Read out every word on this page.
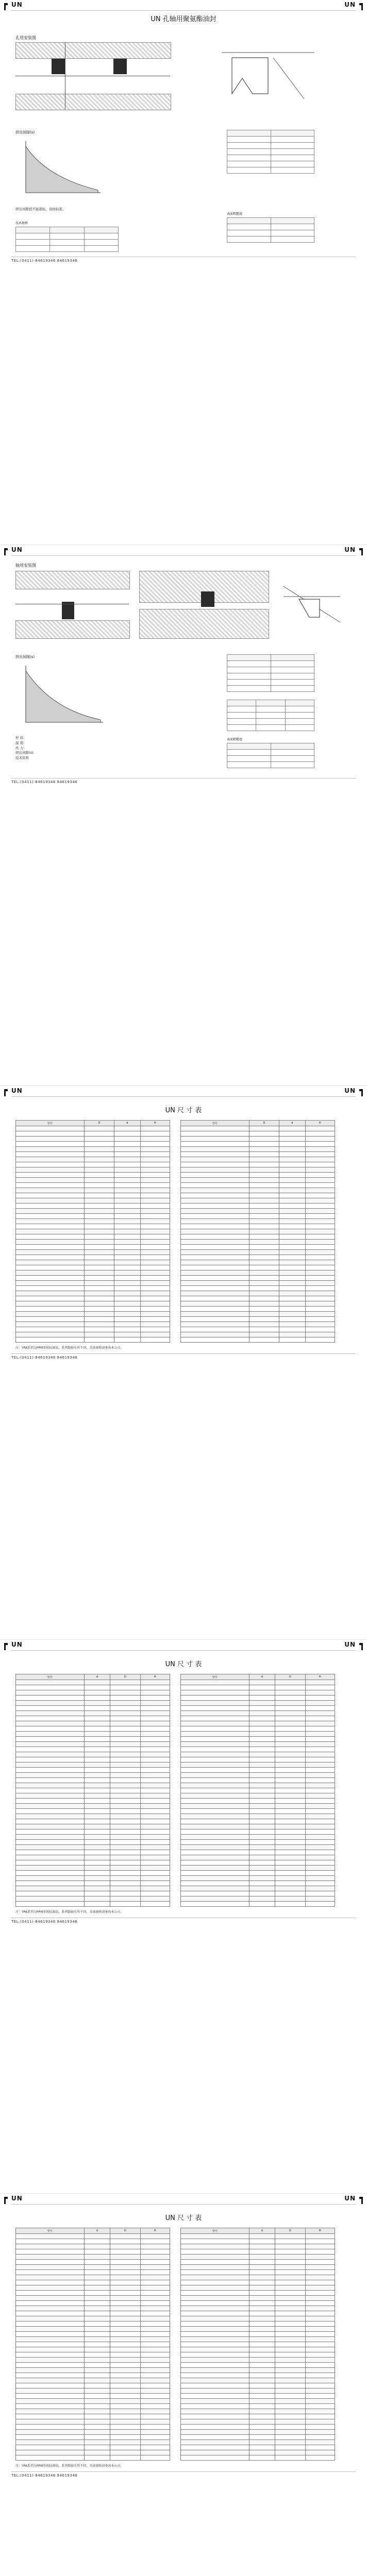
UN	UN
UN 孔轴用聚氨酯油封
孔用安装图
挤出间隙(s)
挤出间隙值不能超标，请按标准。
技术规格

表面粗糙度

TEL:(0411)-84619346 84619346
UN	UN
轴用安装图
挤出间隙(s)
材 质：
温 度：
压 力：
挤出间隙(s)：
技术资料

表面粗糙度

TEL:(0411)-84619346 84619346
UN	UN
UN 尺 寸 表
型号	D	d	H

				型号	D	d	H

注：YPA系列为PPM参照标准值，系列数据有所不同，具体规格请垂询本公司。
TEL:(0411)-84619346 84619346
UN	UN
UN 尺 寸 表
型号	d	D	H

				型号	d	D	H

注：YPA系列为PPM参照标准值，系列数据有所不同，具体规格请垂询本公司。
TEL:(0411)-84619346 84619346
UN	UN
UN 尺 寸 表
型号	d	D	H

				型号	d	D	H

注：YPA系列为PPM参照标准值，系列数据有所不同，具体规格请垂询本公司。
TEL:(0411)-84619346 84619346
